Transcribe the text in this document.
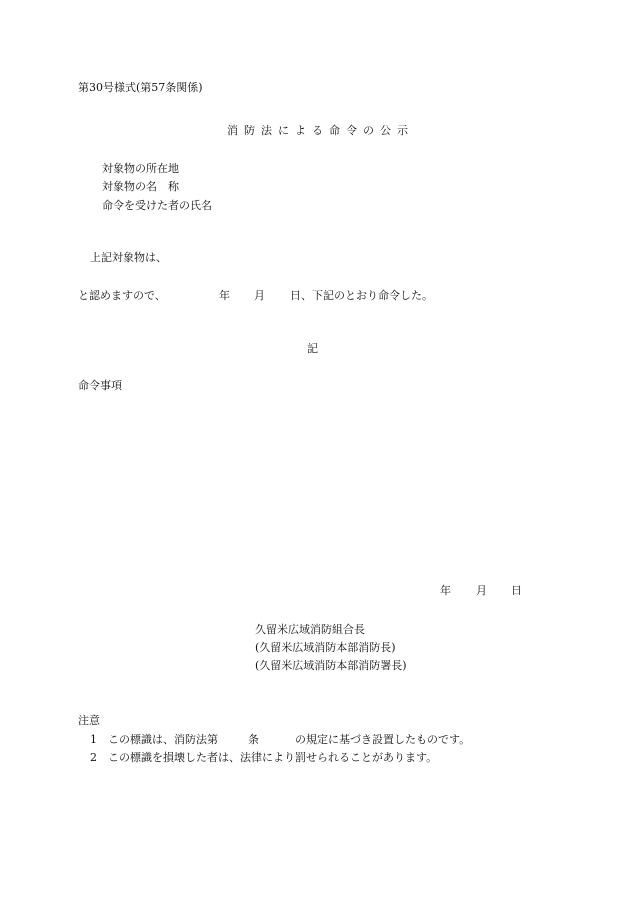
第30号様式(第57条関係)
消防法による命令の公示
対象物の所在地
対象物の名　称
命令を受けた者の氏名
上記対象物は、
と認めますので、	年 月 日、下記のとおり命令した。
記
命令事項
年 月 日
久留米広域消防組合長
(久留米広域消防本部消防長)
(久留米広域消防本部消防署長)
注意
1 この標識は、消防法第	条	の規定に基づき設置したものです。
2 この標識を損壊した者は、法律により罰せられることがあります。
